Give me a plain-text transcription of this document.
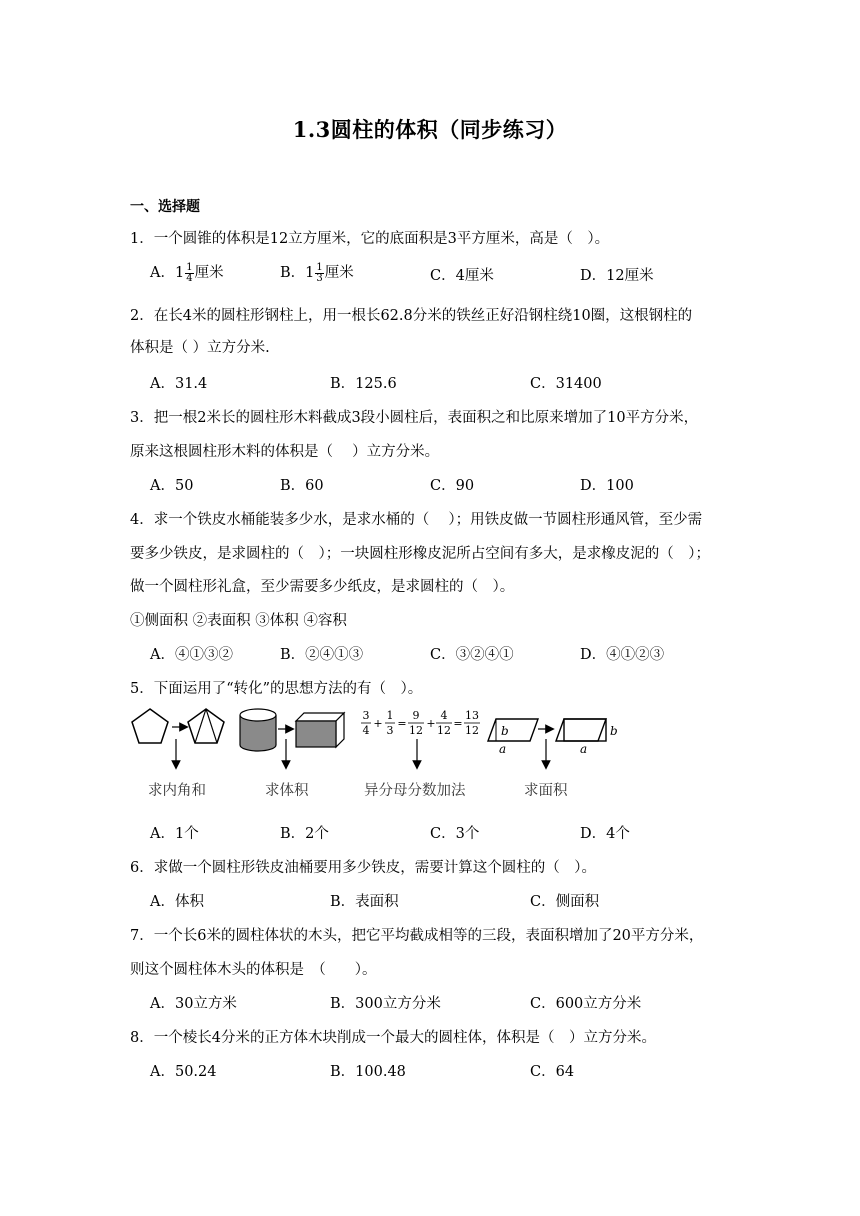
1.3圆柱的体积（同步练习）
一、选择题
1．一个圆锥的体积是12立方厘米，它的底面积是3平方厘米，高是（　）。
A．$1 \frac{1}{4}$ 厘米	B．$1 \frac{1}{3}$ 厘米	C．4厘米	D．12厘米
2．在长4米的圆柱形钢柱上，用一根长62.8分米的铁丝正好沿钢柱绕10圈，这根钢柱的
体积是（ ）立方分米.
A．31.4	B．125.6	C．31400
3．把一根2米长的圆柱形木料截成3段小圆柱后，表面积之和比原来增加了10平方分米，
原来这根圆柱形木料的体积是（　 ）立方分米。
A．50	B．60	C．90	D．100
4．求一个铁皮水桶能装多少水，是求水桶的（　 ）；用铁皮做一节圆柱形通风管，至少需
要多少铁皮，是求圆柱的（　）；一块圆柱形橡皮泥所占空间有多大，是求橡皮泥的（　）；
做一个圆柱形礼盒，至少需要多少纸皮，是求圆柱的（　）。
①侧面积 ②表面积 ③体积 ④容积
A．④①③②	B．②④①③	C．③②④①	D．④①②③
5．下面运用了“转化”的思想方法的有（　）。
3
4
+
1
3
=
9
12
+
4
12
=
13
12 b
a
b
a
求内角和	求体积	异分母分数加法	求面积
A．1个	B．2个	C．3个	D．4个
6．求做一个圆柱形铁皮油桶要用多少铁皮，需要计算这个圆柱的（　）。
A．体积	B．表面积	C．侧面积
7．一个长6米的圆柱体状的木头，把它平均截成相等的三段，表面积增加了20平方分米，
则这个圆柱体木头的体积是　（　　）。
A．30立方米	B．300立方分米	C．600立方分米
8．一个棱长4分米的正方体木块削成一个最大的圆柱体，体积是（　）立方分米。
A．50.24	B．100.48	C．64
